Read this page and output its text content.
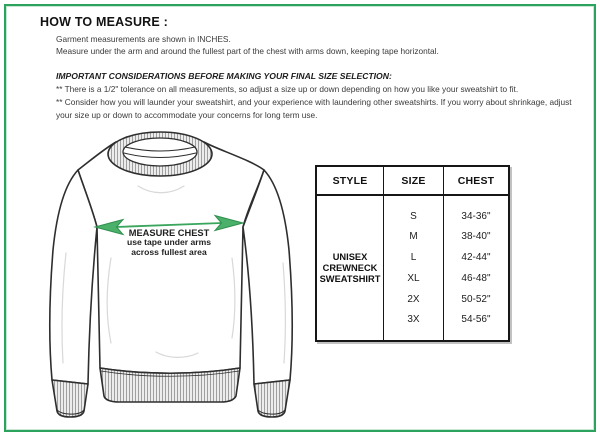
HOW TO MEASURE :

Garment measurements are shown in INCHES.

Measure under the arm and around the fullest part of the chest with arms down, keeping tape horizontal.

IMPORTANT CONSIDERATIONS BEFORE MAKING YOUR FINAL SIZE SELECTION:

** There is a 1/2" tolerance on all measurements, so adjust a size up or down depending on how you like your sweatshirt to fit.

** Consider how you will launder your sweatshirt, and your experience with laundering other sweatshirts. If you worry about shrinkage, adjust your size up or down to accommodate your concerns for long term use.

MEASURE CHEST
use tape under arms
across fullest area
STYLE
UNISEX
CREWNECK
SWEATSHIRT
SIZE
S
M
L
XL
2X
3X
CHEST
34-36"
38-40"
42-44"
46-48"
50-52"
54-56"
